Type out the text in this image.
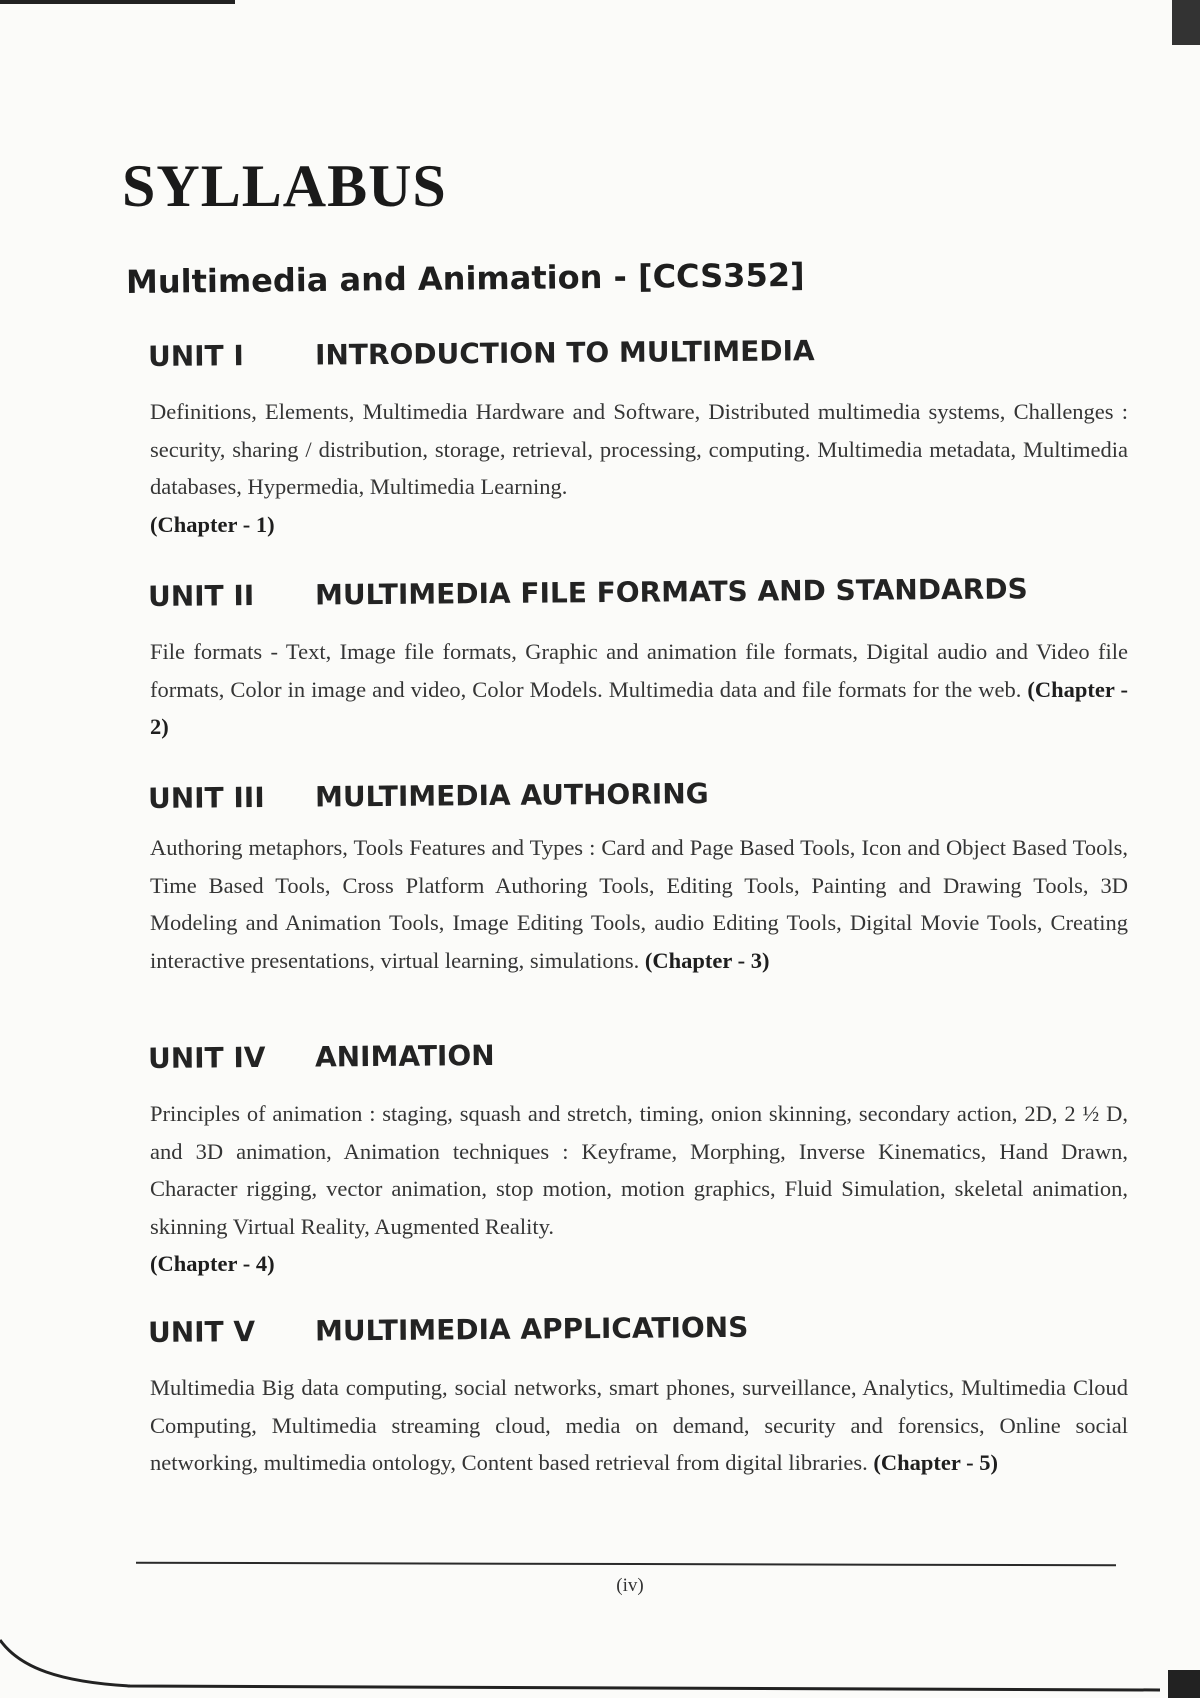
SYLLABUS
Multimedia and Animation - [CCS352]
UNIT I	INTRODUCTION TO MULTIMEDIA

Definitions, Elements, Multimedia Hardware and Software, Distributed multimedia systems, Challenges : security, sharing / distribution, storage, retrieval, processing, computing. Multimedia metadata, Multimedia databases, Hypermedia, Multimedia Learning.
(Chapter - 1)

UNIT II	MULTIMEDIA FILE FORMATS AND STANDARDS

File formats - Text, Image file formats, Graphic and animation file formats, Digital audio and Video file formats, Color in image and video, Color Models. Multimedia data and file formats for the web. (Chapter - 2)

UNIT III	MULTIMEDIA AUTHORING

Authoring metaphors, Tools Features and Types : Card and Page Based Tools, Icon and Object Based Tools, Time Based Tools, Cross Platform Authoring Tools, Editing Tools, Painting and Drawing Tools, 3D Modeling and Animation Tools, Image Editing Tools, audio Editing Tools, Digital Movie Tools, Creating interactive presentations, virtual learning, simulations. (Chapter - 3)

UNIT IV	ANIMATION

Principles of animation : staging, squash and stretch, timing, onion skinning, secondary action, 2D, 2 ½ D, and 3D animation, Animation techniques : Keyframe, Morphing, Inverse Kinematics, Hand Drawn, Character rigging, vector animation, stop motion, motion graphics, Fluid Simulation, skeletal animation, skinning Virtual Reality, Augmented Reality.
(Chapter - 4)

UNIT V	MULTIMEDIA APPLICATIONS

Multimedia Big data computing, social networks, smart phones, surveillance, Analytics, Multimedia Cloud Computing, Multimedia streaming cloud, media on demand, security and forensics, Online social networking, multimedia ontology, Content based retrieval from digital libraries. (Chapter - 5)

(iv)
